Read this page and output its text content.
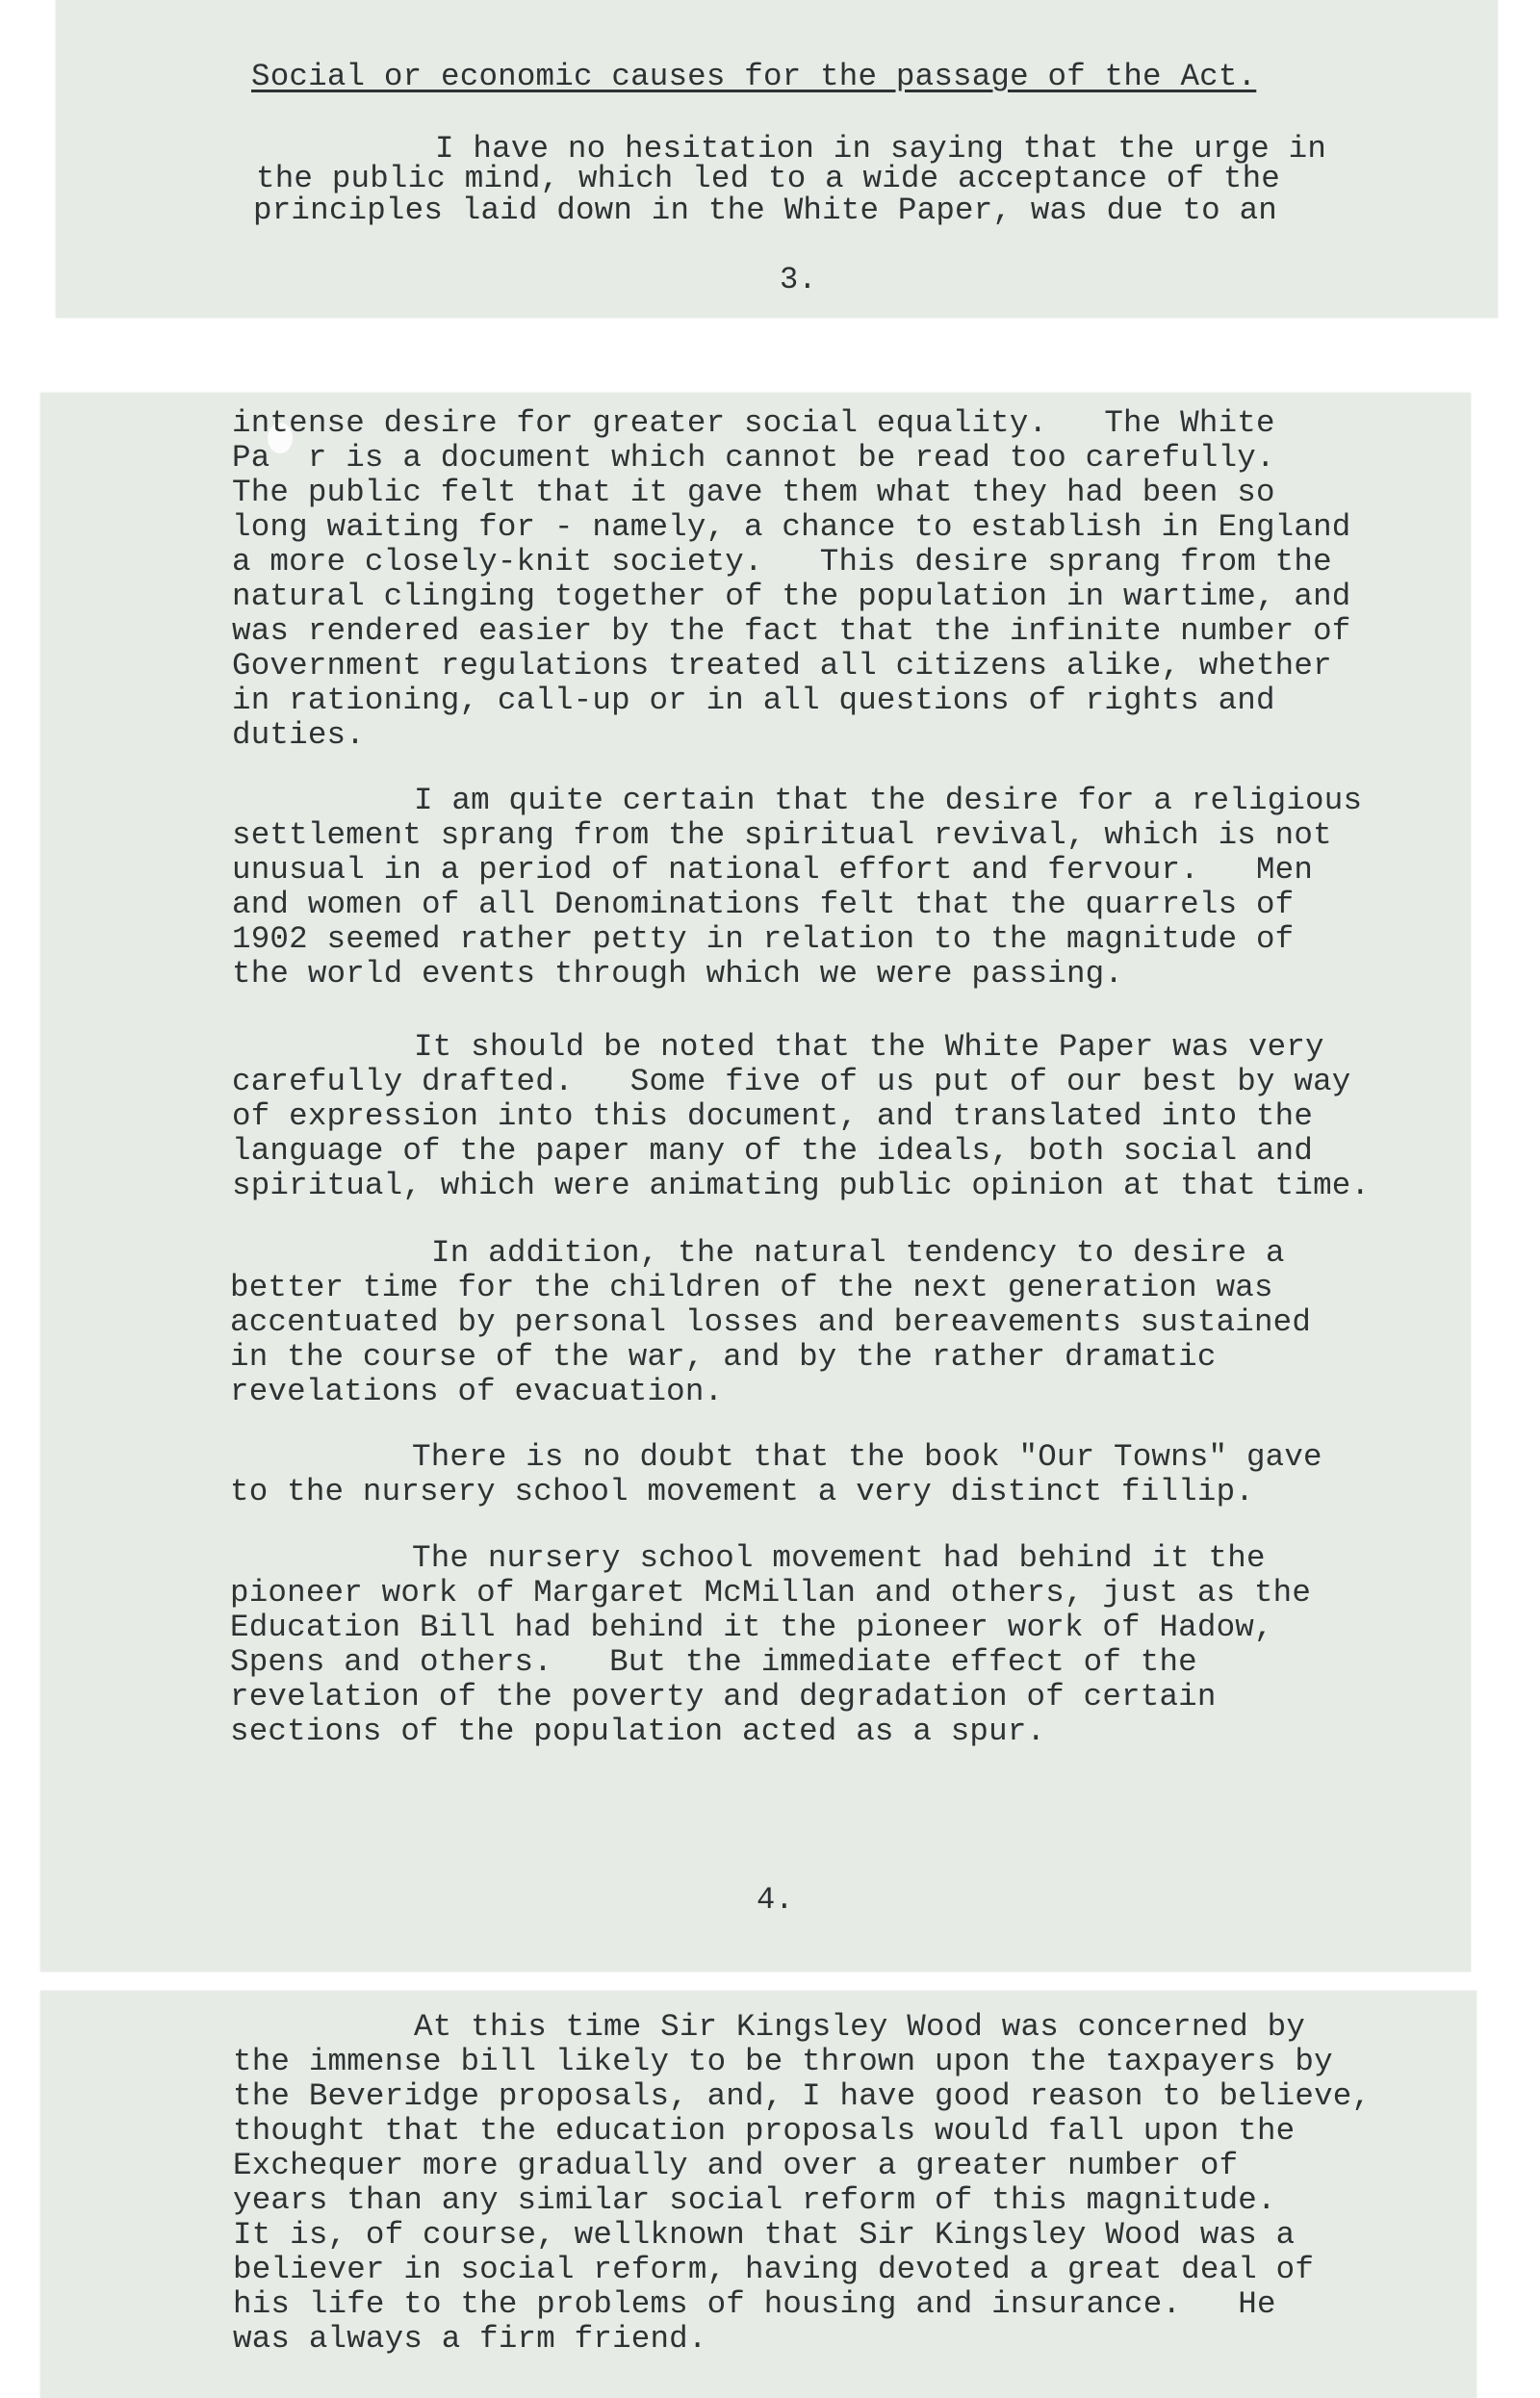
Social or economic causes for the passage of the Act.
I have no hesitation in saying that the urge in
the public mind, which led to a wide acceptance of the
principles laid down in the White Paper, was due to an
3.
intense desire for greater social equality.   The White
Pa  r is a document which cannot be read too carefully.
The public felt that it gave them what they had been so
long waiting for - namely, a chance to establish in England
a more closely-knit society.   This desire sprang from the
natural clinging together of the population in wartime, and
was rendered easier by the fact that the infinite number of
Government regulations treated all citizens alike, whether
in rationing, call-up or in all questions of rights and
duties.
I am quite certain that the desire for a religious
settlement sprang from the spiritual revival, which is not
unusual in a period of national effort and fervour.   Men
and women of all Denominations felt that the quarrels of
1902 seemed rather petty in relation to the magnitude of
the world events through which we were passing.
It should be noted that the White Paper was very
carefully drafted.   Some five of us put of our best by way
of expression into this document, and translated into the
language of the paper many of the ideals, both social and
spiritual, which were animating public opinion at that time.
In addition, the natural tendency to desire a
better time for the children of the next generation was
accentuated by personal losses and bereavements sustained
in the course of the war, and by the rather dramatic
revelations of evacuation.
There is no doubt that the book "Our Towns" gave
to the nursery school movement a very distinct fillip.
The nursery school movement had behind it the
pioneer work of Margaret McMillan and others, just as the
Education Bill had behind it the pioneer work of Hadow,
Spens and others.   But the immediate effect of the
revelation of the poverty and degradation of certain
sections of the population acted as a spur.
4.
At this time Sir Kingsley Wood was concerned by
the immense bill likely to be thrown upon the taxpayers by
the Beveridge proposals, and, I have good reason to believe,
thought that the education proposals would fall upon the
Exchequer more gradually and over a greater number of
years than any similar social reform of this magnitude.
It is, of course, wellknown that Sir Kingsley Wood was a
believer in social reform, having devoted a great deal of
his life to the problems of housing and insurance.   He
was always a firm friend.
